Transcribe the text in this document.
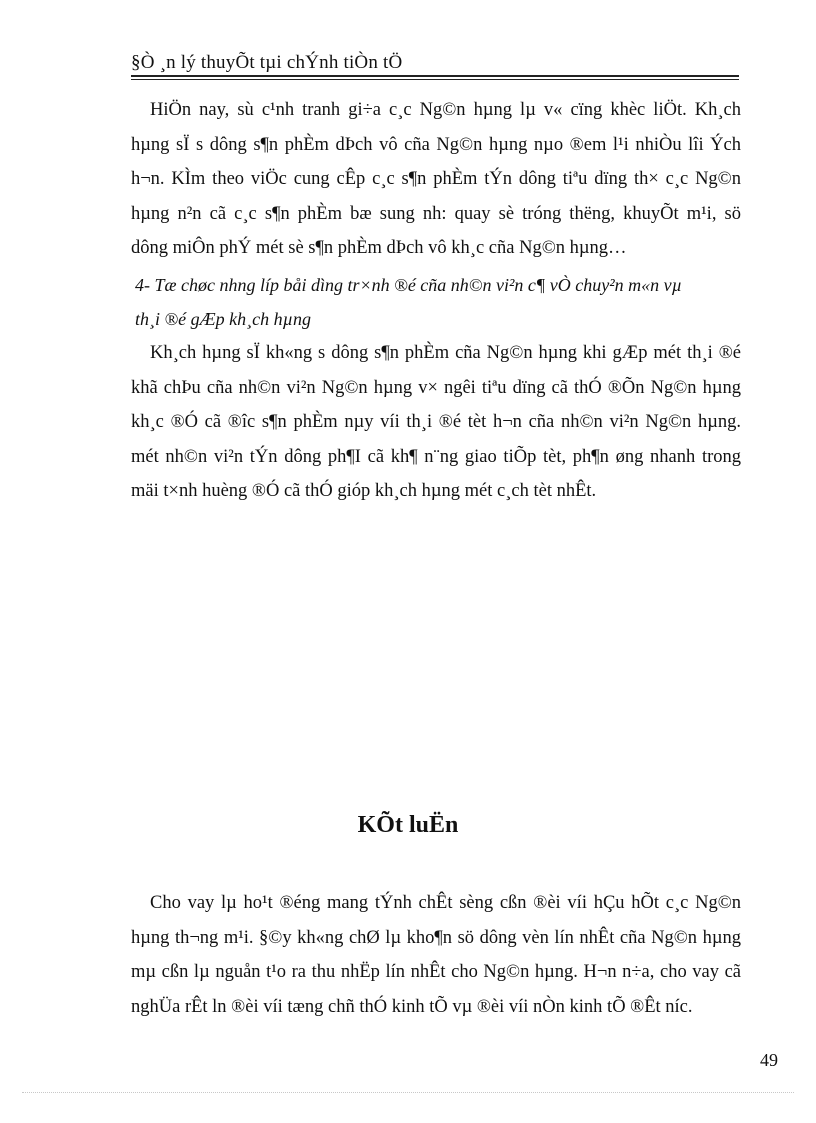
§Ò ¸n lý thuyÕt tµi chÝnh tiÒn tÖ
HiÖn nay, sù c¹nh tranh gi÷a c¸c Ng©n hµng lµ v« cïng khèc liÖt. Kh¸ch
hµng sÏ s dông s¶n phÈm dÞch vô cña Ng©n hµng nµo ®em l¹i nhiÒu lîi Ých
h¬n. KÌm theo viÖc cung cÊp c¸c s¶n phÈm tÝn dông tiªu dïng th× c¸c Ng©n
hµng n²n cã c¸c s¶n phÈm bæ sung nh: quay sè tróng thëng, khuyÕt m¹i, sö
dông miÔn phÝ mét sè s¶n phÈm dÞch vô kh¸c cña Ng©n hµng…
4- Tæ chøc nhng líp båi dìng tr×nh ®é cña nh©n vi²n c¶ vÒ chuy²n m«n vµ
th¸i ®é gÆp kh¸ch hµng
Kh¸ch hµng sÏ kh«ng s dông s¶n phÈm cña Ng©n hµng khi gÆp mét th¸i ®é
khã chÞu cña nh©n vi²n Ng©n hµng v× ngêi tiªu dïng cã thÓ ®Õn Ng©n hµng
kh¸c ®Ó cã ®îc s¶n phÈm nµy víi th¸i ®é tèt h¬n cña nh©n vi²n Ng©n hµng.
mét nh©n vi²n tÝn dông ph¶I cã kh¶ n¨ng giao tiÕp tèt, ph¶n øng nhanh trong
mäi t×nh huèng ®Ó cã thÓ gióp kh¸ch hµng mét c¸ch tèt nhÊt.
KÕt luËn
Cho vay lµ ho¹t ®éng mang tÝnh chÊt sèng cßn ®èi víi hÇu hÕt c¸c Ng©n
hµng th¬ng m¹i. §©y kh«ng chØ lµ kho¶n sö dông vèn lín nhÊt cña Ng©n hµng
mµ cßn lµ nguån t¹o ra thu nhËp lín nhÊt cho Ng©n hµng. H¬n n÷a, cho vay cã
nghÜa rÊt ln ®èi víi tæng chñ thÓ kinh tÕ vµ ®èi víi nÒn kinh tÕ ®Êt níc.
49
